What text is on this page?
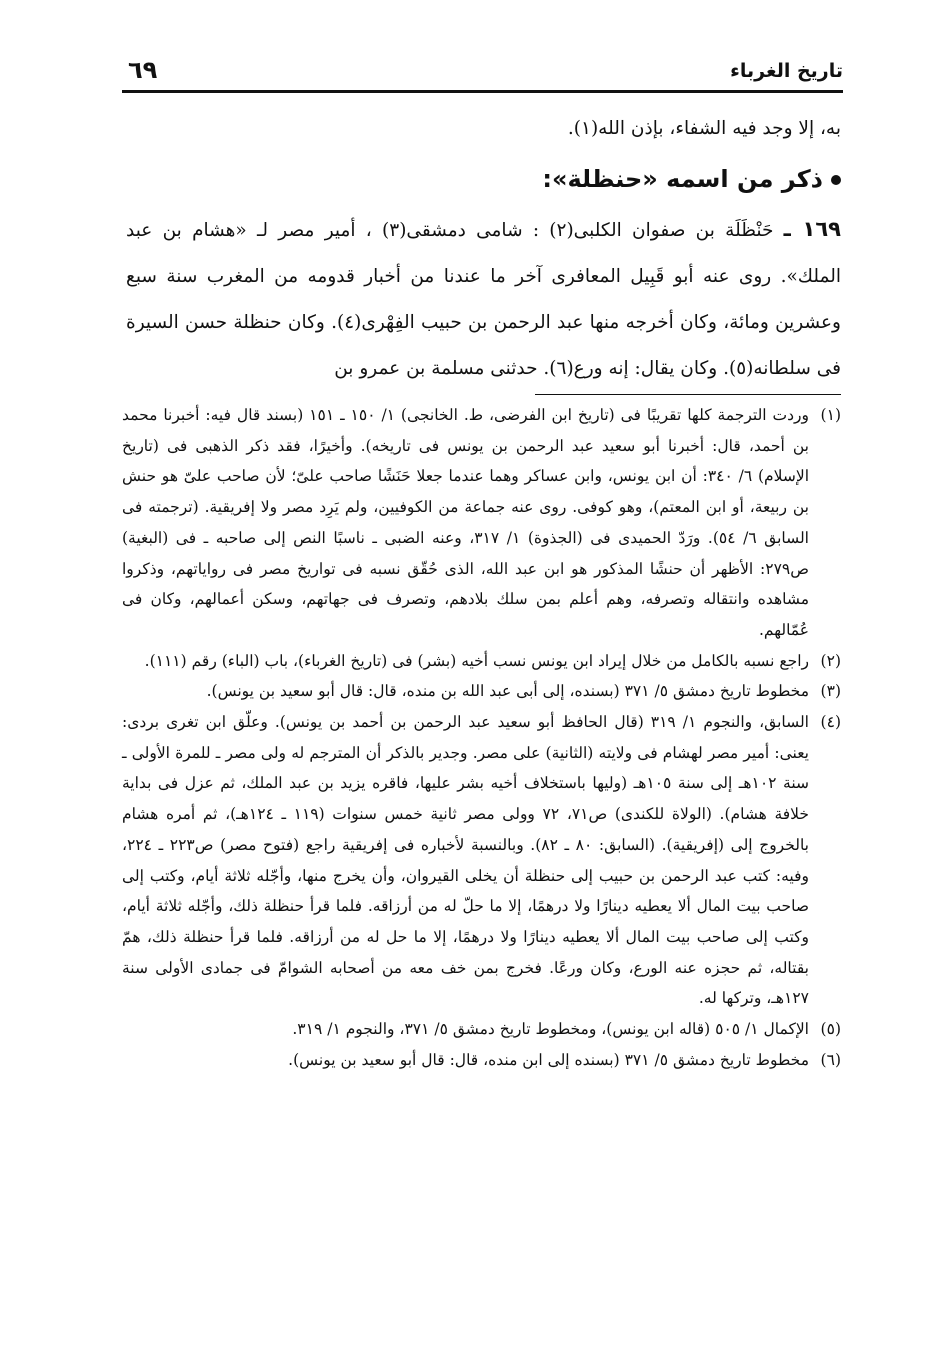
تاريخ الغرباء
٦٩

به، إلا وجد فيه الشفاء، بإذن الله(١).

ذكر من اسمه «حنظلة»:

١٦٩ ـ حَنْظَلَة بن صفوان الكلبى(٢) : شامى دمشقى(٣) ، أمير مصر لـ «هشام بن عبد الملك». روى عنه أبو قَبِيل المعافرى آخر ما عندنا من أخبار قدومه من المغرب سنة سبع وعشرين ومائة، وكان أخرجه منها عبد الرحمن بن حبيب الفِهْرى(٤). وكان حنظلة حسن السيرة فى سلطانه(٥). وكان يقال: إنه ورع(٦). حدثنى مسلمة بن عمرو بن

(١)
وردت الترجمة كلها تقريبًا فى (تاريخ ابن الفرضى، ط. الخانجى) ١/ ١٥٠ ـ ١٥١ (بسند قال فيه: أخبرنا محمد بن أحمد، قال: أخبرنا أبو سعيد عبد الرحمن بن يونس فى تاريخه). وأخيرًا، فقد ذكر الذهبى فى (تاريخ الإسلام) ٦/ ٣٤٠: أن ابن يونس، وابن عساكر وهما عندما جعلا حَنَشًا صاحب علىّ؛ لأن صاحب علىّ هو حنش بن ربيعة، أو ابن المعتم)، وهو كوفى. روى عنه جماعة من الكوفيين، ولم يَرِد مصر ولا إفريقية. (ترجمته فى السابق ٦/ ٥٤). ورَدّ الحميدى فى (الجذوة) ١/ ٣١٧، وعنه الضبى ـ ناسبًا النص إلى صاحبه ـ فى (البغية) ص٢٧٩: الأظهر أن حنشًا المذكور هو ابن عبد الله، الذى حُقّق نسبه فى تواريخ مصر فى رواياتهم، وذكروا مشاهده وانتقاله وتصرفه، وهم أعلم بمن سلك بلادهم، وتصرف فى جهاتهم، وسكن أعمالهم، وكان فى عُمّالهم.

(٢)
راجع نسبه بالكامل من خلال إيراد ابن يونس نسب أخيه (بشر) فى (تاريخ الغرباء)، باب (الباء) رقم (١١١).

(٣)
مخطوط تاريخ دمشق ٥/ ٣٧١ (بسنده، إلى أبى عبد الله بن منده، قال: قال أبو سعيد بن يونس).

(٤)
السابق، والنجوم ١/ ٣١٩ (قال الحافظ أبو سعيد عبد الرحمن بن أحمد بن يونس). وعلّق ابن تغرى بردى: يعنى: أمير مصر لهشام فى ولايته (الثانية) على مصر. وجدير بالذكر أن المترجم له ولى مصر ـ للمرة الأولى ـ سنة ١٠٢هـ إلى سنة ١٠٥هـ (وليها باستخلاف أخيه بشر عليها، فاقره يزيد بن عبد الملك، ثم عزل فى بداية خلافة هشام). (الولاة للكندى) ص٧١، ٧٢ وولى مصر ثانية خمس سنوات (١١٩ ـ ١٢٤هـ)، ثم أمره هشام بالخروج إلى (إفريقية). (السابق: ٨٠ ـ ٨٢). وبالنسبة لأخباره فى إفريقية راجع (فتوح مصر) ص٢٢٣ ـ ٢٢٤، وفيه: كتب عبد الرحمن بن حبيب إلى حنظلة أن يخلى القيروان، وأن يخرج منها، وأجّله ثلاثة أيام، وكتب إلى صاحب بيت المال ألا يعطيه دينارًا ولا درهمًا، إلا ما حلّ له من أرزاقه. فلما قرأ حنظلة ذلك، وأجّله ثلاثة أيام، وكتب إلى صاحب بيت المال ألا يعطيه دينارًا ولا درهمًا، إلا ما حل له من أرزاقه. فلما قرأ حنظلة ذلك، همّ بقتاله، ثم حجزه عنه الورع، وكان ورعًا. فخرج بمن خف معه من أصحابه الشوامّ فى جمادى الأولى سنة ١٢٧هـ، وتركها له.

(٥)
الإكمال ١/ ٥٠٥ (قاله ابن يونس)، ومخطوط تاريخ دمشق ٥/ ٣٧١، والنجوم ١/ ٣١٩.

(٦)
مخطوط تاريخ دمشق ٥/ ٣٧١ (بسنده إلى ابن منده، قال: قال أبو سعيد بن يونس).
